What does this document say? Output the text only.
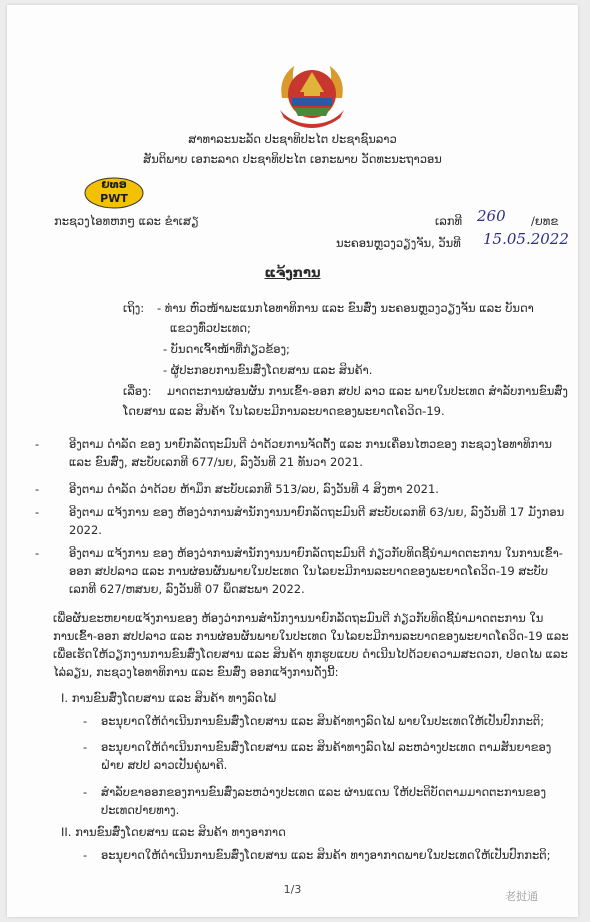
ສາທາລະນະລັດ ປະຊາທິປະໄຕ ປະຊາຊົນລາວ
ສັນຕິພາບ ເອກະລາດ ປະຊາທິປະໄຕ ເອກະພາບ ວັດທະນະຖາວອນ
ຍທອ
PWT
ກະຊວງໄອທຫກໆ ແລະ ຂຳເສຽ	ເລກທີ 260 /ຍທຂ
ນະຄອນຫຼວງວຽງຈັນ, ວັນທີ 15.05.2022
ແຈ້ງການ
ເຖິງ: - ທ່ານ ຫົວໜ້າພະແນກໄອທາທິການ ແລະ ຂົນສົ່ງ ນະຄອນຫຼວງວຽງຈັນ ແລະ ບັນດາ
ແຂວງທົ່ວປະເທດ;
- ບັນດາເຈົ້າໜ້າທີ່ກ່ຽວຂ້ອງ;
- ຜູ້ປະກອບການຂົນສົ່ງໂດຍສານ ແລະ ສິນຄ້າ.
ເລື່ອງ: ມາດຕະການຜ່ອນຜັນ ການເຂົ້າ-ອອກ ສປປ ລາວ ແລະ ພາຍໃນປະເທດ ສຳລັບການຂົນສົ່ງ
ໂດຍສານ ແລະ ສິນຄ້າ ໃນໄລຍະມີການລະບາດຂອງພະຍາດໂຄວິດ-19.
-	ອີງຕາມ ດຳລັດ ຂອງ ນາຍົກລັດຖະມົນຕີ ວ່າດ້ວຍການຈັດຕັ້ງ ແລະ ການເຄື່ອນໄຫວຂອງ ກະຊວງໄອທາທິການ
ແລະ ຂົນສົ່ງ, ສະບັບເລກທີ 677/ນຍ, ລົງວັນທີ 21 ທັນວາ 2021.
-	ອີງຕາມ ດຳລັດ ວ່າດ້ວຍ ຫ້າມຶກ ສະບັບເລກທີ 513/ລບ, ລົງວັນທີ 4 ສິງຫາ 2021.
-	ອີງຕາມ ແຈ້ງການ ຂອງ ຫ້ອງວ່າການສຳນັກງານນາຍົກລັດຖະມົນຕີ ສະບັບເລກທີ 63/ນຍ, ລົງວັນທີ 17 ມັງກອນ
2022.
-	ອີງຕາມ ແຈ້ງການ ຂອງ ຫ້ອງວ່າການສຳນັກງານນາຍົກລັດຖະມົນຕີ ກ່ຽວກັບທິດຊີ້ນຳມາດຕະການ ໃນການເຂົ້າ-
ອອກ ສປປລາວ ແລະ ການຜ່ອນຜັນພາຍໃນປະເທດ ໃນໄລຍະມີການລະບາດຂອງພະຍາດໂຄວິດ-19 ສະບັບ
ເລກທີ 627/ຫສນຍ, ລົງວັນທີ 07 ພຶດສະພາ 2022.
ເພື່ອຜັນຂະຫຍາຍແຈ້ງການຂອງ ຫ້ອງວ່າການສຳນັກງານນາຍົກລັດຖະມົນຕີ ກ່ຽວກັບທິດຊີ້ນຳມາດຕະການ ໃນ
ການເຂົ້າ-ອອກ ສປປລາວ ແລະ ການຜ່ອນຜັນພາຍໃນປະເທດ ໃນໄລຍະມີການລະບາດຂອງພະຍາດໂຄວິດ-19 ແລະ
ເພື່ອເຮັດໃຫ້ວຽກງານການຂົນສົ່ງໂດຍສານ ແລະ ສິນຄ້າ ທຸກຮູບແບບ ດຳເນີນໄປດ້ວຍຄວາມສະດວກ, ປອດໄພ ແລະ
ໄລ່ລຽນ, ກະຊວງໄອທາທິການ ແລະ ຂົນສົ່ງ ອອກແຈ້ງການດັ່ງນີ້:
I. ການຂົນສົ່ງໂດຍສານ ແລະ ສິນຄ້າ ທາງລົດໄຟ
- ອະນຸຍາດໃຫ້ດຳເນີນການຂົນສົ່ງໂດຍສານ ແລະ ສິນຄ້າທາງລົດໄຟ ພາຍໃນປະເທດໃຫ້ເປັນປົກກະຕິ;
- ອະນຸຍາດໃຫ້ດຳເນີນການຂົນສົ່ງໂດຍສານ ແລະ ສິນຄ້າທາງລົດໄຟ ລະຫວ່າງປະເທດ ຕາມສັນຍາຂອງ
ຝ່າຍ ສປປ ລາວເປັນຄູ່ພາຄີ.
- ສຳລັບຂາອອກຂອງການຂົນສົ່ງລະຫວ່າງປະເທດ ແລະ ຜ່ານແດນ ໃຫ້ປະຕິບັດຕາມມາດຕະການຂອງ
ປະເທດປາຍທາງ.
II. ການຂົນສົ່ງໂດຍສານ ແລະ ສິນຄ້າ ທາງອາກາດ
- ອະນຸຍາດໃຫ້ດຳເນີນການຂົນສົ່ງໂດຍສານ ແລະ ສິນຄ້າ ທາງອາກາດພາຍໃນປະເທດໃຫ້ເປັນປົກກະຕິ;
1/3
老挝通
